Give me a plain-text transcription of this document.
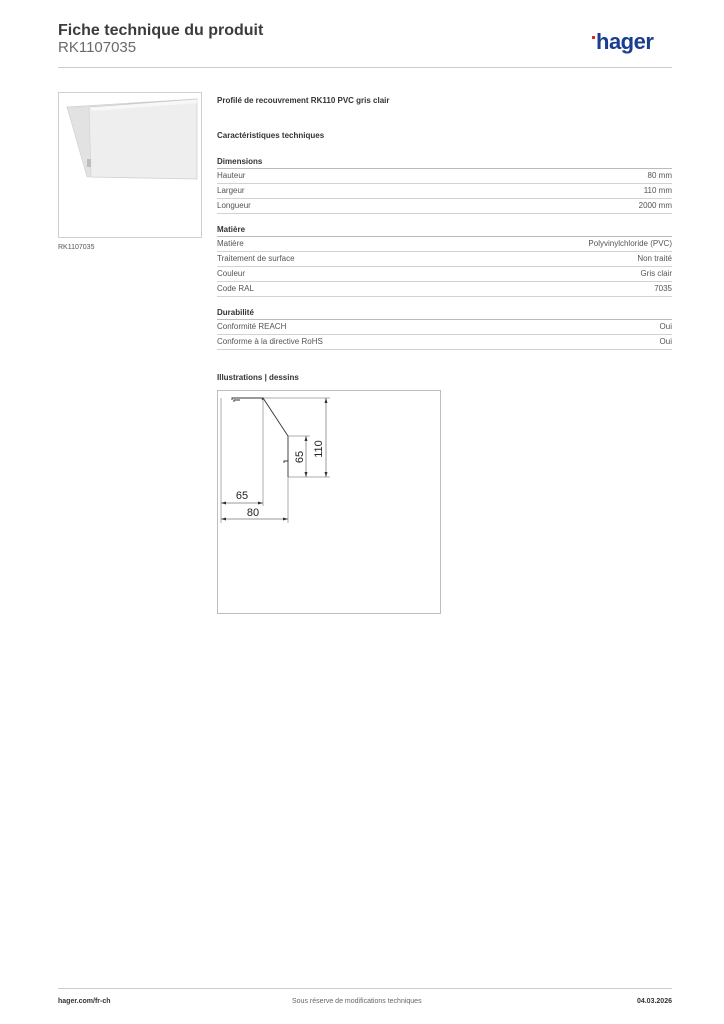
Fiche technique du produit
RK1107035	hager
RK1107035
Profilé de recouvrement RK110 PVC gris clair
Caractéristiques techniques
Dimensions
Hauteur	80 mm
Largeur	110 mm
Longueur	2000 mm
Matière
Matière	Polyvinylchloride (PVC)
Traitement de surface	Non traité
Couleur	Gris clair
Code RAL	7035
Durabilité
Conformité REACH	Oui
Conforme à la directive RoHS	Oui
Illustrations | dessins
110
65
65
80
hager.com/fr-ch	Sous réserve de modifications techniques	04.03.2026
